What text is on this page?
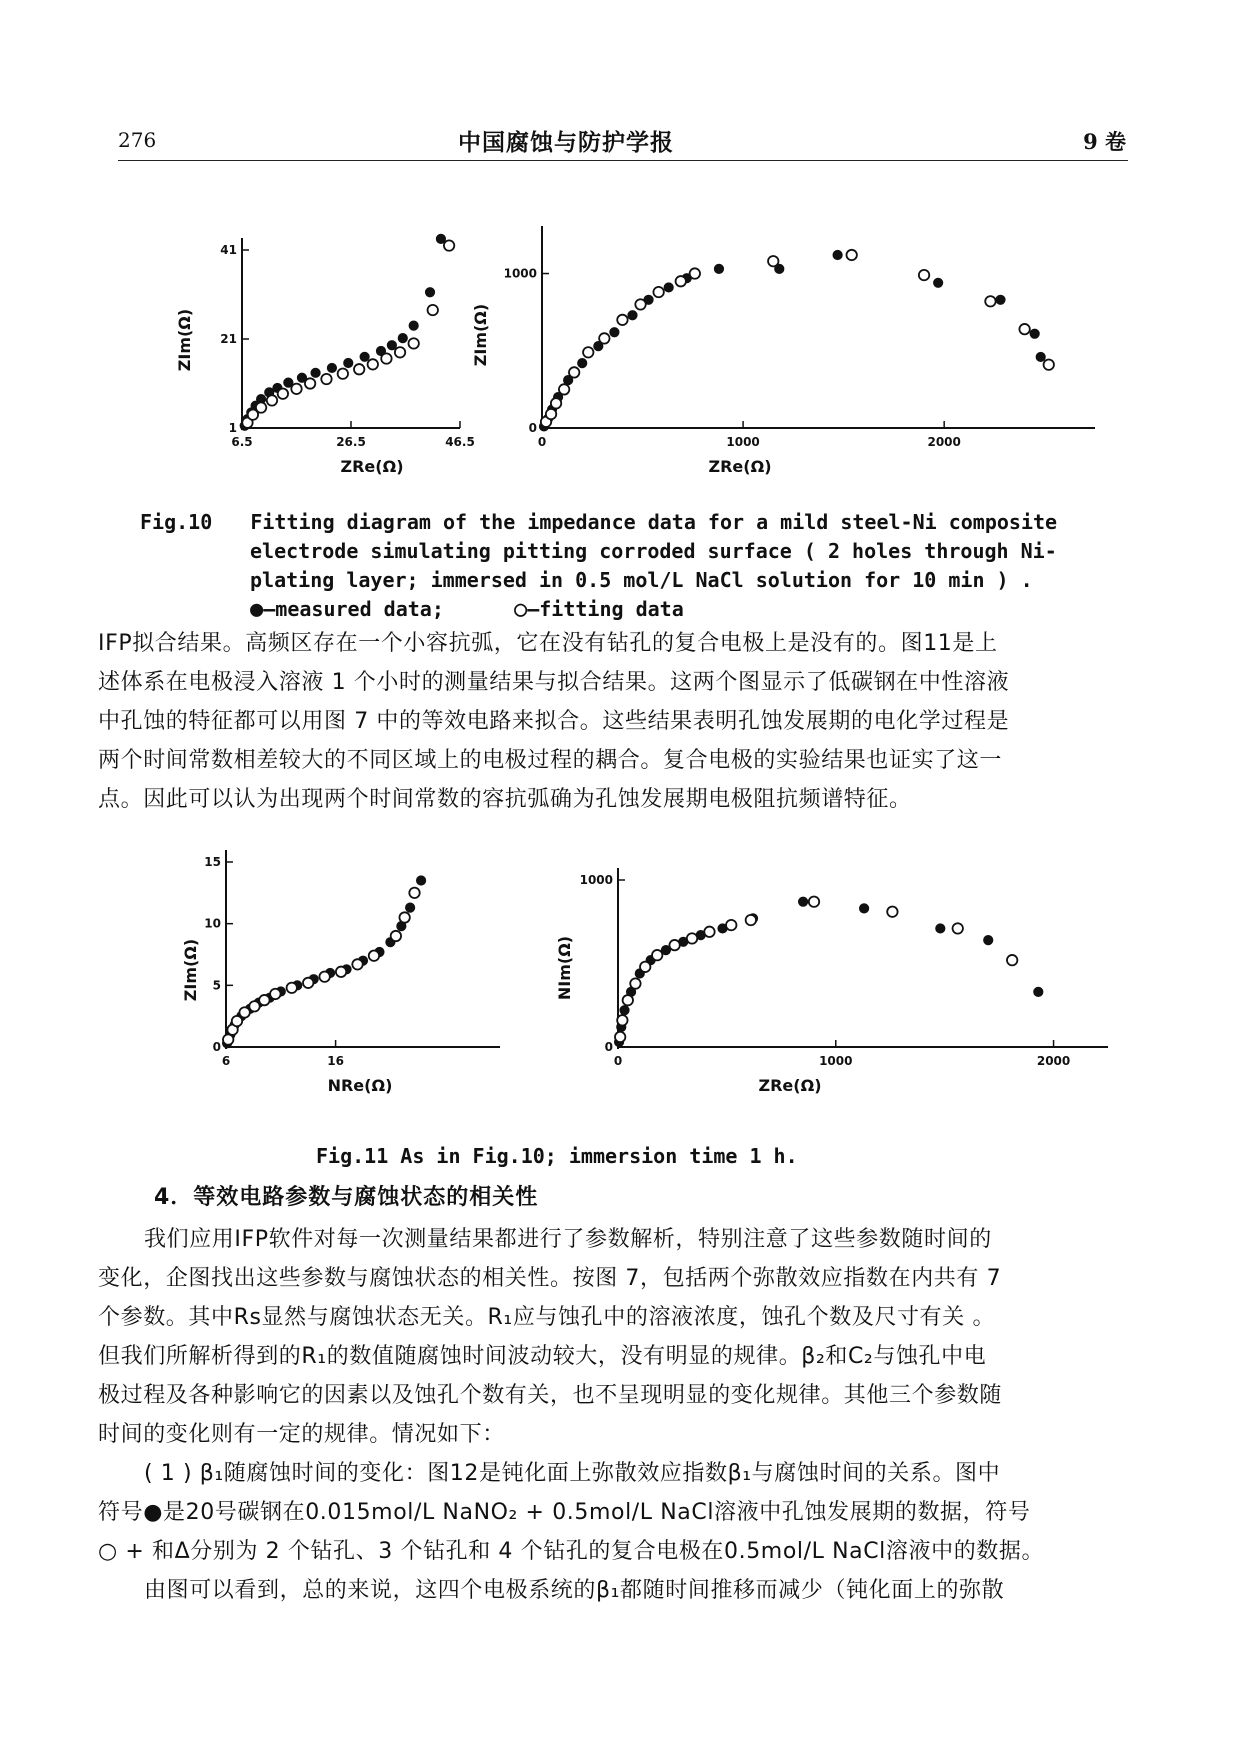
276	中国腐蚀与防护学报	9 卷
6.5	26.5	46.5
1
21
41
ZRe(Ω)
ZIm(Ω)
0	1000	2000
0
1000
ZRe(Ω)
ZIm(Ω)
6	16
0
5
10
15
NRe(Ω)
ZIm(Ω)
0	1000	2000
0
1000
ZRe(Ω)
NIm(Ω)
Fig.10 Fitting diagram of the impedance data for a mild steel-Ni composite
electrode simulating pitting corroded surface ( 2 holes through Ni-
plating layer; immersed in 0.5 mol/L NaCl solution for 10 min ) .
●—measured data;	○—fitting data

IFP拟合结果。高频区存在一个小容抗弧，它在没有钻孔的复合电极上是没有的。图11是上

述体系在电极浸入溶液 1 个小时的测量结果与拟合结果。这两个图显示了低碳钢在中性溶液

中孔蚀的特征都可以用图 7 中的等效电路来拟合。这些结果表明孔蚀发展期的电化学过程是

两个时间常数相差较大的不同区域上的电极过程的耦合。复合电极的实验结果也证实了这一

点。因此可以认为出现两个时间常数的容抗弧确为孔蚀发展期电极阻抗频谱特征。

Fig.11 As in Fig.10; immersion time 1 h.
4．等效电路参数与腐蚀状态的相关性

我们应用IFP软件对每一次测量结果都进行了参数解析，特别注意了这些参数随时间的

变化，企图找出这些参数与腐蚀状态的相关性。按图 7，包括两个弥散效应指数在内共有 7

个参数。其中Rs显然与腐蚀状态无关。R₁应与蚀孔中的溶液浓度，蚀孔个数及尺寸有关 。

但我们所解析得到的R₁的数值随腐蚀时间波动较大，没有明显的规律。β₂和C₂与蚀孔中电

极过程及各种影响它的因素以及蚀孔个数有关，也不呈现明显的变化规律。其他三个参数随

时间的变化则有一定的规律。情况如下：

( 1 ) β₁随腐蚀时间的变化：图12是钝化面上弥散效应指数β₁与腐蚀时间的关系。图中

符号●是20号碳钢在0.015mol/L NaNO₂ + 0.5mol/L NaCl溶液中孔蚀发展期的数据，符号

○ + 和Δ分别为 2 个钻孔、3 个钻孔和 4 个钻孔的复合电极在0.5mol/L NaCl溶液中的数据。

由图可以看到，总的来说，这四个电极系统的β₁都随时间推移而减少（钝化面上的弥散
